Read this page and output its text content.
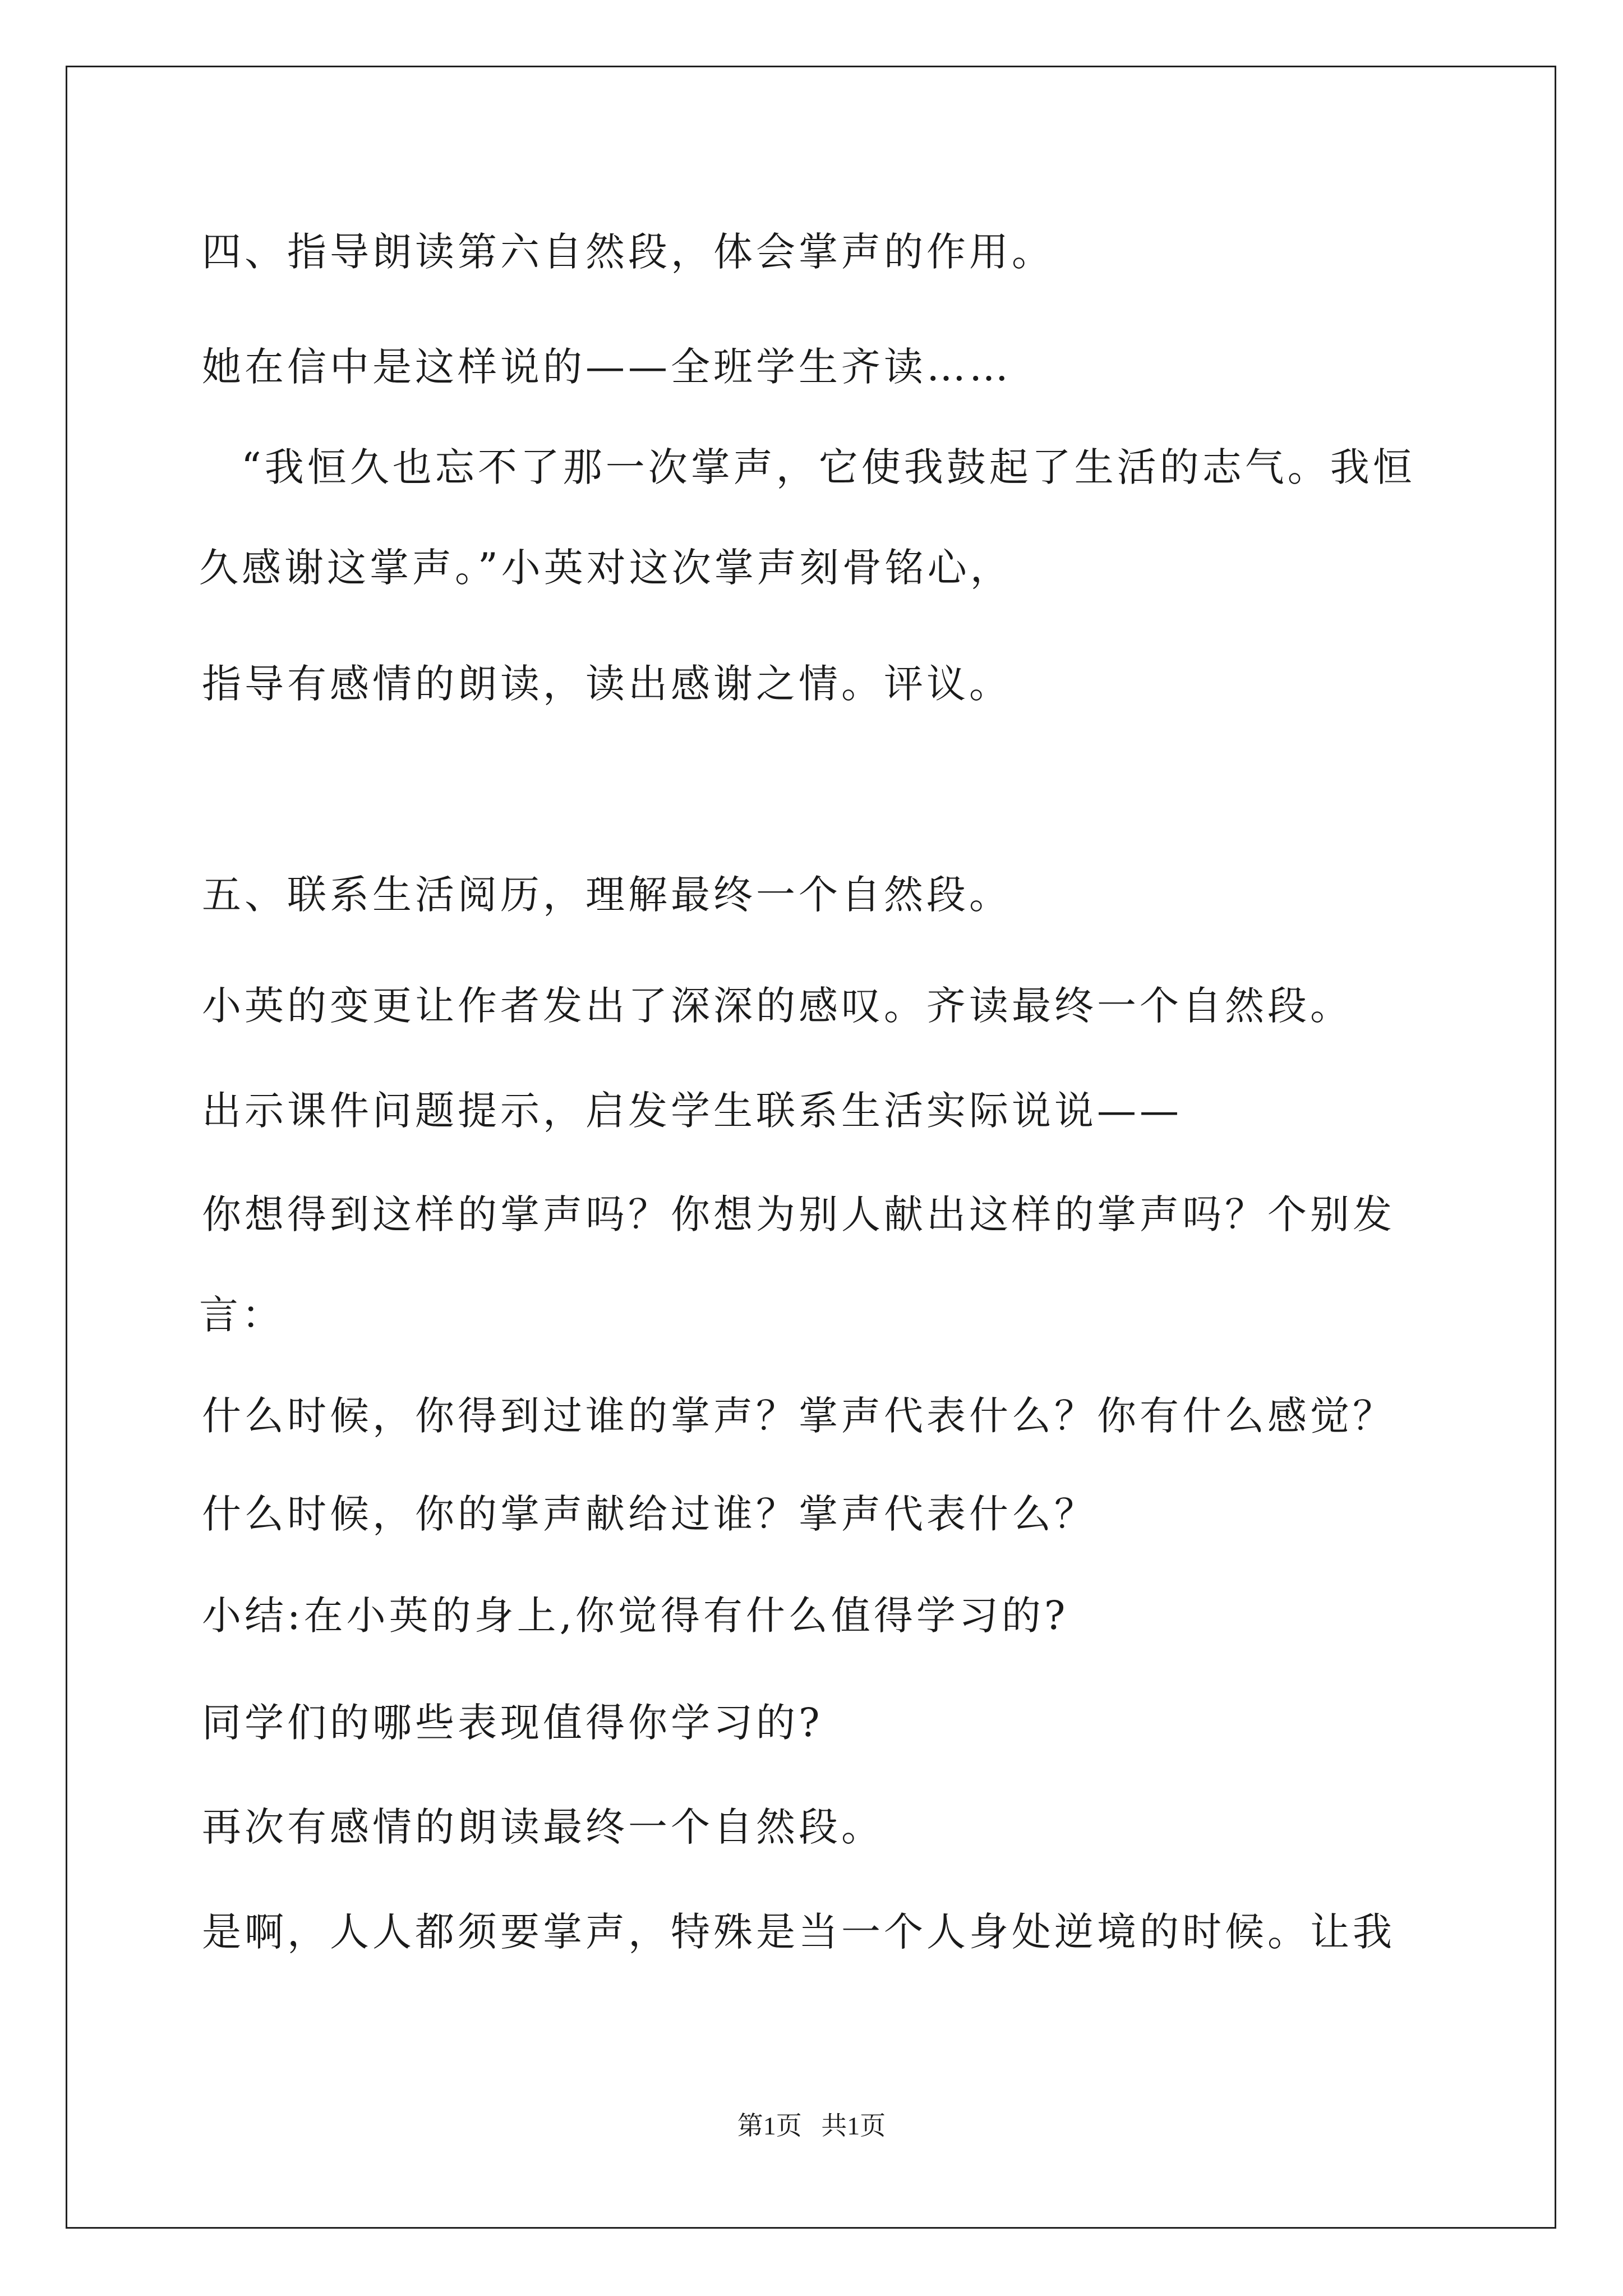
四、指导朗读第六自然段，体会掌声的作用。
她在信中是这样说的——全班学生齐读……
“我恒久也忘不了那一次掌声，它使我鼓起了生活的志气。我恒
久感谢这掌声。”小英对这次掌声刻骨铭心，
指导有感情的朗读，读出感谢之情。评议。
五、联系生活阅历，理解最终一个自然段。
小英的变更让作者发出了深深的感叹。齐读最终一个自然段。
出示课件问题提示，启发学生联系生活实际说说——
你想得到这样的掌声吗？你想为别人献出这样的掌声吗？个别发
言：
什么时候，你得到过谁的掌声？掌声代表什么？你有什么感觉？
什么时候，你的掌声献给过谁？掌声代表什么？
小结:在小英的身上,你觉得有什么值得学习的?
同学们的哪些表现值得你学习的?
再次有感情的朗读最终一个自然段。
是啊，人人都须要掌声，特殊是当一个人身处逆境的时候。让我
第1页 共1页
